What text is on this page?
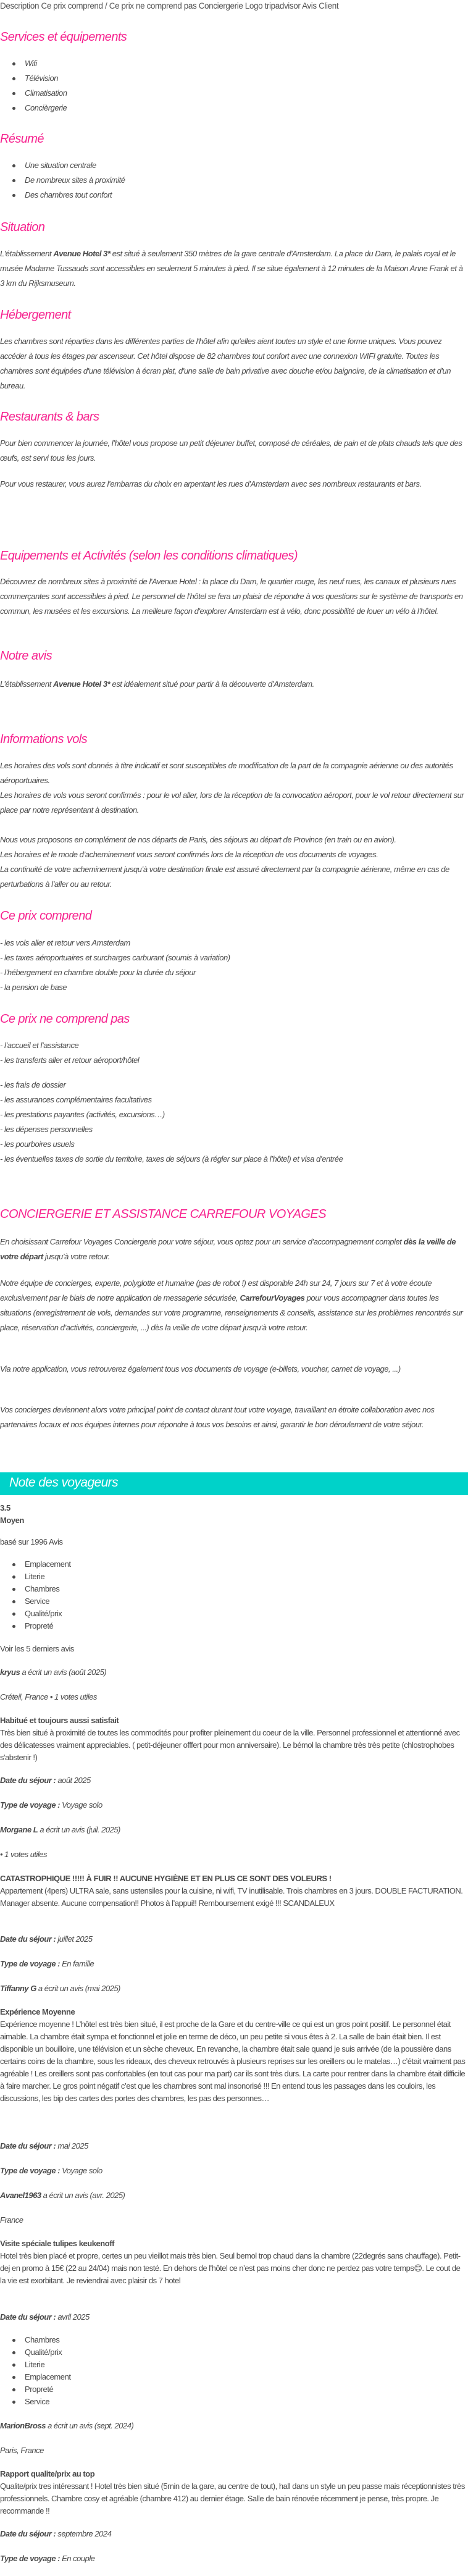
Description Ce prix comprend / Ce prix ne comprend pas Conciergerie Logo tripadvisor Avis Client
Services et équipements
Wifi
Télévision
Climatisation
Concièrgerie
Résumé
Une situation centrale
De nombreux sites à proximité
Des chambres tout confort
Situation

L'établissement Avenue Hotel 3* est situé à seulement 350 mètres de la gare centrale d'Amsterdam. La place du Dam, le palais royal et le musée Madame Tussauds sont accessibles en seulement 5 minutes à pied. Il se situe également à 12 minutes de la Maison Anne Frank et à 3 km du Rijksmuseum.

Hébergement

Les chambres sont réparties dans les différentes parties de l'hôtel afin qu'elles aient toutes un style et une forme uniques. Vous pouvez accéder à tous les étages par ascenseur. Cet hôtel dispose de 82 chambres tout confort avec une connexion WIFI gratuite. Toutes les chambres sont équipées d'une télévision à écran plat, d'une salle de bain privative avec douche et/ou baignoire, de la climatisation et d'un bureau.

Restaurants & bars

Pour bien commencer la journée, l’hôtel vous propose un petit déjeuner buffet, composé de céréales, de pain et de plats chauds tels que des œufs, est servi tous les jours.

Pour vous restaurer, vous aurez l’embarras du choix en arpentant les rues d’Amsterdam avec ses nombreux restaurants et bars.

Equipements et Activités (selon les conditions climatiques)

Découvrez de nombreux sites à proximité de l'Avenue Hotel : la place du Dam, le quartier rouge, les neuf rues, les canaux et plusieurs rues commerçantes sont accessibles à pied. Le personnel de l'hôtel se fera un plaisir de répondre à vos questions sur le système de transports en commun, les musées et les excursions. La meilleure façon d'explorer Amsterdam est à vélo, donc possibilité de louer un vélo à l’hôtel.

Notre avis

L’établissement Avenue Hotel 3* est idéalement situé pour partir à la découverte d’Amsterdam.

Informations vols

Les horaires des vols sont donnés à titre indicatif et sont susceptibles de modification de la part de la compagnie aérienne ou des autorités aéroportuaires.

Les horaires de vols vous seront confirmés : pour le vol aller, lors de la réception de la convocation aéroport, pour le vol retour directement sur place par notre représentant à destination.

Nous vous proposons en complément de nos départs de Paris, des séjours au départ de Province (en train ou en avion).

Les horaires et le mode d’acheminement vous seront confirmés lors de la réception de vos documents de voyages.

La continuité de votre acheminement jusqu’à votre destination finale est assuré directement par la compagnie aérienne, même en cas de perturbations à l’aller ou au retour.

Ce prix comprend
- les vols aller et retour vers Amsterdam
- les taxes aéroportuaires et surcharges carburant (soumis à variation)
- l’hébergement en chambre double pour la durée du séjour
- la pension de base
Ce prix ne comprend pas
- l’accueil et l’assistance
- les transferts aller et retour aéroport/hôtel
- les frais de dossier
- les assurances complémentaires facultatives
- les prestations payantes (activités, excursions…)
- les dépenses personnelles
- les pourboires usuels
- les éventuelles taxes de sortie du territoire, taxes de séjours (à régler sur place à l’hôtel) et visa d’entrée
CONCIERGERIE ET ASSISTANCE CARREFOUR VOYAGES

En choisissant Carrefour Voyages Conciergerie pour votre séjour, vous optez pour un service d’accompagnement complet dès la veille de votre départ jusqu’à votre retour.

Notre équipe de concierges, experte, polyglotte et humaine (pas de robot !) est disponible 24h sur 24, 7 jours sur 7 et à votre écoute exclusivement par le biais de notre application de messagerie sécurisée, CarrefourVoyages pour vous accompagner dans toutes les situations (enregistrement de vols, demandes sur votre programme, renseignements & conseils, assistance sur les problèmes rencontrés sur place, réservation d’activités, conciergerie, ...) dès la veille de votre départ jusqu’à votre retour.

Via notre application, vous retrouverez également tous vos documents de voyage (e-billets, voucher, carnet de voyage, ...)

Vos concierges deviennent alors votre principal point de contact durant tout votre voyage, travaillant en étroite collaboration avec nos partenaires locaux et nos équipes internes pour répondre à tous vos besoins et ainsi, garantir le bon déroulement de votre séjour.

Note des voyageurs
3.5
Moyen
basé sur 1996 Avis
Emplacement
Literie
Chambres
Service
Qualité/prix
Propreté
Voir les 5 derniers avis
kryus a écrit un avis (août 2025)
Créteil, France • 1 votes utiles
Habitué et toujours aussi satisfait

Très bien situé à proximité de toutes les commodités pour profiter pleinement du coeur de la ville. Personnel professionnel et attentionné avec des délicatesses vraiment appreciables. ( petit-déjeuner offfert pour mon anniversaire). Le bémol la chambre très très petite (chlostrophobes s'abstenir !)

Date du séjour : août 2025
Type de voyage : Voyage solo
Morgane L a écrit un avis (juil. 2025)
• 1 votes utiles
CATASTROPHIQUE !!!!! À FUIR !! AUCUNE HYGIÈNE ET EN PLUS CE SONT DES VOLEURS !

Appartement (4pers) ULTRA sale, sans ustensiles pour la cuisine, ni wifi, TV inutilisable. Trois chambres en 3 jours. DOUBLE FACTURATION. Manager absente. Aucune compensation!! Photos à l’appui!! Remboursement exigé !!! SCANDALEUX

Date du séjour : juillet 2025
Type de voyage : En famille
Tiffanny G a écrit un avis (mai 2025)
Expérience Moyenne

Expérience moyenne ! L’hôtel est très bien situé, il est proche de la Gare et du centre-ville ce qui est un gros point positif. Le personnel était aimable. La chambre était sympa et fonctionnel et jolie en terme de déco, un peu petite si vous êtes à 2. La salle de bain était bien. Il est disponible un bouilloire, une télévision et un sèche cheveux. En revanche, la chambre était sale quand je suis arrivée (de la poussière dans certains coins de la chambre, sous les rideaux, des cheveux retrouvés à plusieurs reprises sur les oreillers ou le matelas…) c’était vraiment pas agréable ! Les oreillers sont pas confortables (en tout cas pour ma part) car ils sont très durs. La carte pour rentrer dans la chambre était difficile à faire marcher. Le gros point négatif c’est que les chambres sont mal insonorisé !!! En entend tous les passages dans les couloirs, les discussions, les bip des cartes des portes des chambres, les pas des personnes…

Date du séjour : mai 2025
Type de voyage : Voyage solo
Avanel1963 a écrit un avis (avr. 2025)
France
Visite spéciale tulipes keukenoff

Hotel très bien placé et propre, certes un peu vieillot mais très bien. Seul bemol trop chaud dans la chambre (22degrés sans chauffage). Petit-dej en promo à 15€ (22 au 24/04) mais non testé. En dehors de l'hôtel ce n’est pas moins cher donc ne perdez pas votre temps😊. Le cout de la vie est exorbitant. Je reviendrai avec plaisir ds 7 hotel

Date du séjour : avril 2025
Chambres
Qualité/prix
Literie
Emplacement
Propreté
Service
MarionBross a écrit un avis (sept. 2024)
Paris, France
Rapport qualite/prix au top

Qualite/prix tres intéressant ! Hotel très bien situé (5min de la gare, au centre de tout), hall dans un style un peu passe mais réceptionnistes très professionnels. Chambre cosy et agréable (chambre 412) au dernier étage. Salle de bain rénovée récemment je pense, très propre. Je recommande !!

Date du séjour : septembre 2024
Type de voyage : En couple
